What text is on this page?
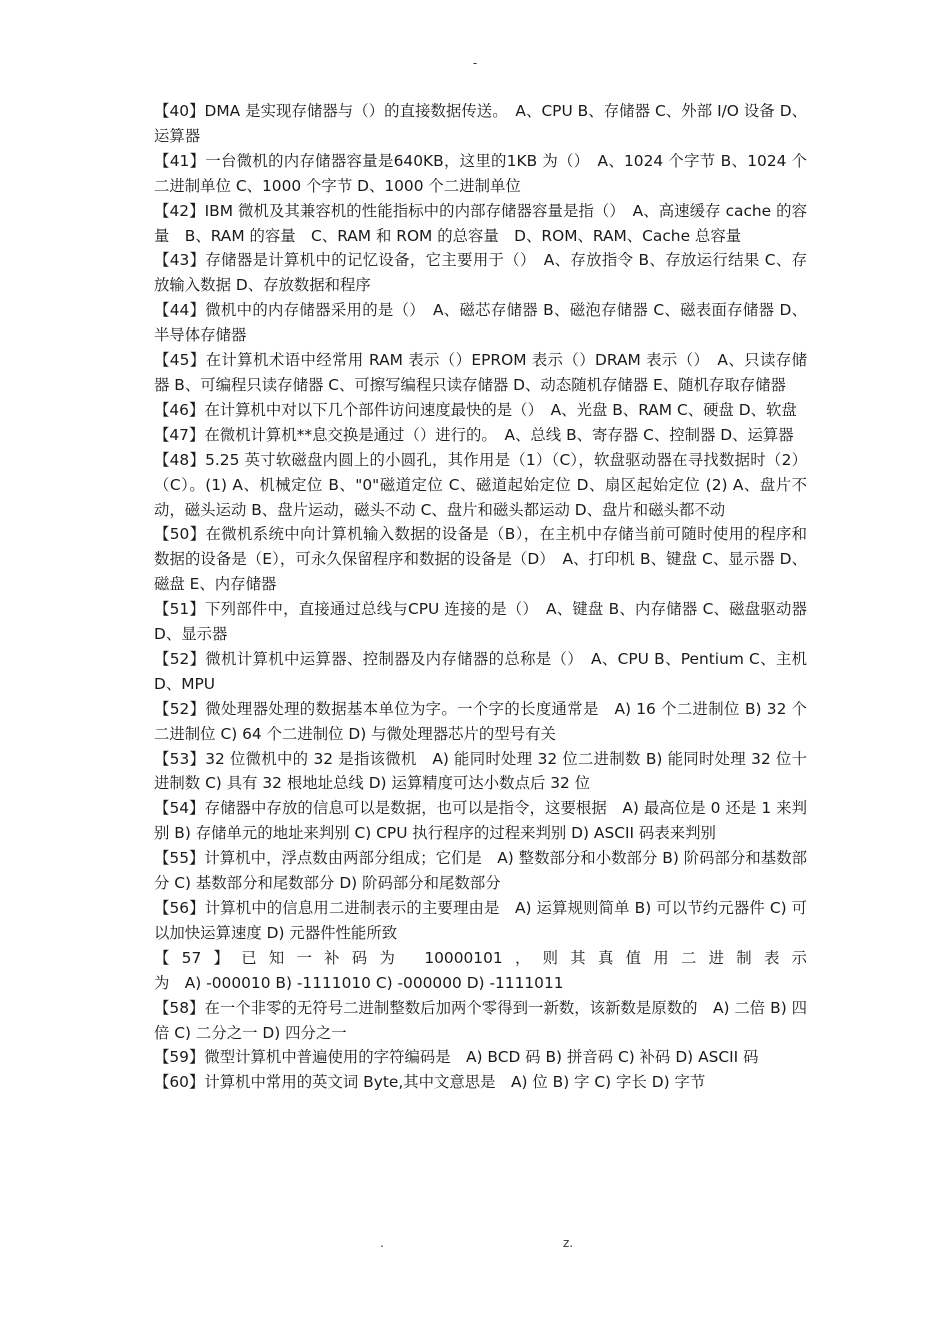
-

【40】DMA 是实现存储器与（）的直接数据传送。　A、CPU B、存储器 C、外部 I/O 设备 D、运算器

【41】一台微机的内存储器容量是640KB，这里的1KB 为（）　A、1024 个字节 B、1024 个二进制单位 C、1000 个字节 D、1000 个二进制单位

【42】IBM 微机及其兼容机的性能指标中的内部存储器容量是指（）　A、高速缓存 cache 的容量　B、RAM 的容量　C、RAM 和 ROM 的总容量　D、ROM、RAM、Cache 总容量

【43】存储器是计算机中的记忆设备，它主要用于（）　A、存放指令 B、存放运行结果 C、存放输入数据 D、存放数据和程序

【44】微机中的内存储器采用的是（）　A、磁芯存储器 B、磁泡存储器 C、磁表面存储器 D、半导体存储器

【45】在计算机术语中经常用 RAM 表示（）EPROM 表示（）DRAM 表示（）　A、只读存储器 B、可编程只读存储器 C、可擦写编程只读存储器 D、动态随机存储器 E、随机存取存储器

【46】在计算机中对以下几个部件访问速度最快的是（）　A、光盘 B、RAM C、硬盘 D、软盘

【47】在微机计算机**息交换是通过（）进行的。　A、总线 B、寄存器 C、控制器 D、运算器

【48】5.25 英寸软磁盘内圆上的小圆孔，其作用是（1）（C），软盘驱动器在寻找数据时（2）（C）。(1) A、机械定位 B、"0"磁道定位 C、磁道起始定位 D、扇区起始定位 (2) A、盘片不动，磁头运动 B、盘片运动，磁头不动 C、盘片和磁头都运动 D、盘片和磁头都不动

【50】在微机系统中向计算机输入数据的设备是（B），在主机中存储当前可随时使用的程序和数据的设备是（E），可永久保留程序和数据的设备是（D）　A、打印机 B、键盘 C、显示器 D、磁盘 E、内存储器

【51】下列部件中，直接通过总线与CPU 连接的是（）　A、键盘 B、内存储器 C、磁盘驱动器 D、显示器

【52】微机计算机中运算器、控制器及内存储器的总称是（）　A、CPU B、Pentium C、主机 D、MPU

【52】微处理器处理的数据基本单位为字。一个字的长度通常是　A) 16 个二进制位 B) 32 个二进制位 C) 64 个二进制位 D) 与微处理器芯片的型号有关

【53】32 位微机中的 32 是指该微机　A) 能同时处理 32 位二进制数 B) 能同时处理 32 位十进制数 C) 具有 32 根地址总线 D) 运算精度可达小数点后 32 位

【54】存储器中存放的信息可以是数据，也可以是指令，这要根据　A) 最高位是 0 还是 1 来判别 B) 存储单元的地址来判别 C) CPU 执行程序的过程来判别 D) ASCII 码表来判别

【55】计算机中，浮点数由两部分组成；它们是　A) 整数部分和小数部分 B) 阶码部分和基数部分 C) 基数部分和尾数部分 D) 阶码部分和尾数部分

【56】计算机中的信息用二进制表示的主要理由是　A) 运算规则简单 B) 可以节约元器件 C) 可以加快运算速度 D) 元器件性能所致

【57】已知一补码为 10000101，则其真值用二进制表示

为　A) -000010 B) -1111010 C) -000000 D) -1111011

【58】在一个非零的无符号二进制整数后加两个零得到一新数，该新数是原数的　A) 二倍 B) 四倍 C) 二分之一 D) 四分之一

【59】微型计算机中普遍使用的字符编码是　A) BCD 码 B) 拼音码 C) 补码 D) ASCII 码

【60】计算机中常用的英文词 Byte,其中文意思是　A) 位 B) 字 C) 字长 D) 字节

.	z.
